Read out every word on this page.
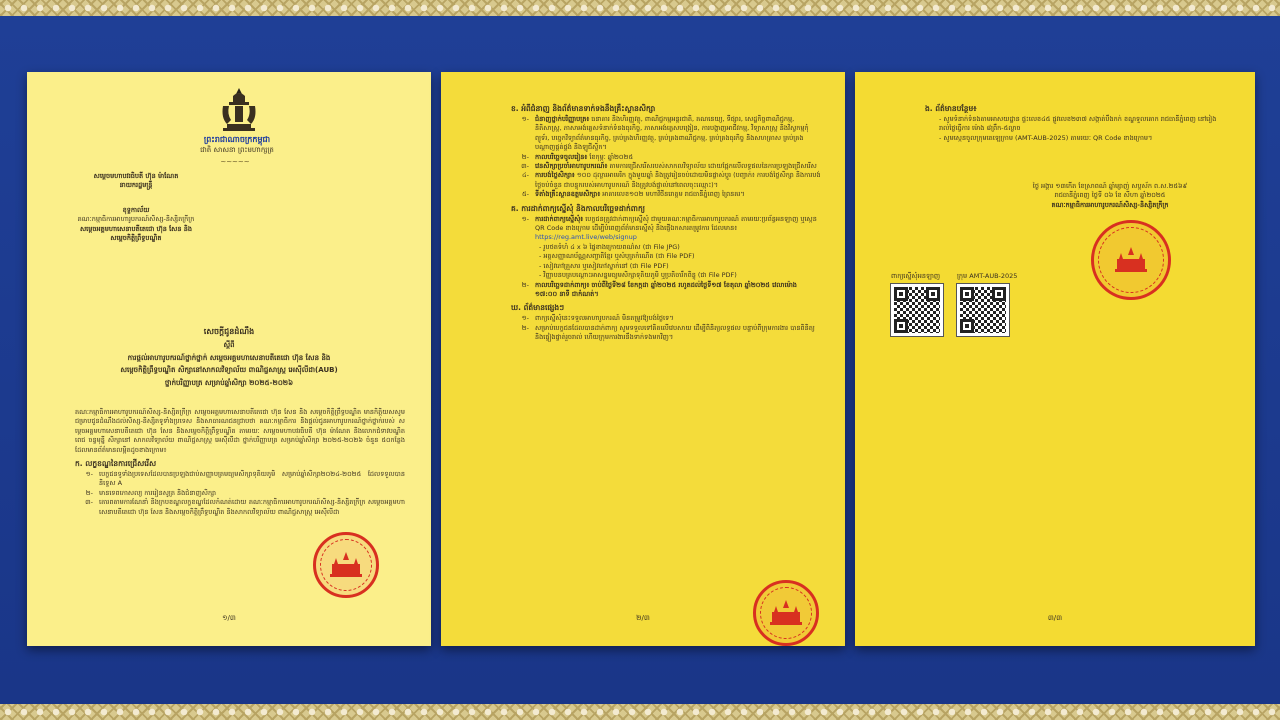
ព្រះរាជាណាចក្រកម្ពុជា
ជាតិ សាសនា ព្រះមហាក្សត្រ
~~~~~
សម្តេចមហាបវរធិបតី ហ៊ុន ម៉ាណែត
នាយករដ្ឋមន្ត្រី
ខុទ្ទកាល័យ
គណៈកម្មាធិការអាហារូបករណ៍សិស្ស-និស្សិតក្រីក្រ
សម្ដេចអគ្គមហាសេនាបតីតេជោ ហ៊ុន សែន និង
សម្ដេចកិត្តិព្រឹទ្ធបណ្ឌិត
សេចក្ដីជូនដំណឹង
ស្តីពី
ការផ្តល់អាហារូបករណ៍ថ្នាក់ថ្នាក់ សម្តេចអគ្គមហាសេនាបតីតេជោ ហ៊ុន សែន និង
សម្តេចកិត្តិព្រឹទ្ធបណ្ឌិត សិក្សានៅសាកលវិទ្យាល័យ ពាណិជ្ជសាស្ត្រ អេស៊ីលីដា(AUB)
ថ្នាក់បរិញ្ញាបត្រ សម្រាប់ឆ្នាំសិក្សា ២០២៥-២០២៦

គណៈកម្មាធិការអាហារូបករណ៍សិស្ស-និស្សិតក្រីក្រ សម្តេចអគ្គមហាសេនាបតីតេជោ ហ៊ុន សែន និង សម្តេចកិត្តិព្រឹទ្ធបណ្ឌិត មានកិត្តិយសសូមជម្រាបជូនដំណឹងដល់សិស្ស-និស្សិតទូទាំងប្រទេស និងសាធារណជនជ្រាបថា គណៈកម្មាធិការ និងផ្តល់ជូនអាហារូបករណ៍ថ្នាក់ថ្នាក់របស់ សម្តេចអគ្គមហាសេនាបតីតេជោ ហ៊ុន សែន និងសម្តេចកិត្តិព្រឹទ្ធបណ្ឌិត តាមរយៈ សម្តេចមហាបវរធិបតី ហ៊ុន ម៉ាណែត និងលោកជំទាវបណ្ឌិត ពេជ ចន្ទមុន្នី សិក្សានៅ សាកលវិទ្យាល័យ ពាណិជ្ជសាស្ត្រ អេស៊ីលីដា ថ្នាក់បរិញ្ញាបត្រ សម្រាប់ឆ្នាំសិក្សា ២០២៥-២០២៦ ចំនួន ៥០កន្លែង ដែលមានព័ត៌មានលម្អិតដូចខាងក្រោម៖

ក. លក្ខខណ្ឌនៃការជ្រើសរើស
១- បេក្ខជនទូទាំងប្រទេសដែលបានប្រឡងជាប់សញ្ញាបត្រមធ្យមសិក្សាទុតិយភូមិ សម្រាប់ឆ្នាំសិក្សា២០២៤-២០២៥ ដែលទទួលបាននិទ្ទេស A
២- មានទេពកោសល្យ ការរៀនសូត្រ និងជំនាញសិក្សា
៣- គោរពតាមការណែនាំ និងក្របខណ្ឌលក្ខខណ្ឌដែលកំណត់ដោយ គណៈកម្មាធិការអាហារូបករណ៍សិស្ស-និស្សិតក្រីក្រ សម្តេចអគ្គមហាសេនាបតីតេជោ ហ៊ុន សែន និងសម្តេចកិត្តិព្រឹទ្ធបណ្ឌិត និងសាកលវិទ្យាល័យ ពាណិជ្ជសាស្ត្រ អេស៊ីលីដា
១/៣
ខ. អំពីជំនាញ និងព័ត៌មានទាក់ទងនឹងគ្រឹះស្ថានសិក្សា
១- ជំនាញថ្នាក់បរិញ្ញាបត្រ៖ ធនាគារ និងហិរញ្ញវត្ថុ, ពាណិជ្ជកម្មអន្តរជាតិ, គណនេយ្យ, ទីផ្សារ, សេដ្ឋកិច្ចពាណិជ្ជកម្ម, និតិសាស្ត្រ, ភាសាអង់គ្លេសទំនាក់ទំនងធុរកិច្ច, ភាសាអង់គ្លេសបង្រៀន, ការបង្ហាញអាជីវកម្ម, វិទ្យាសាស្ត្រ និងវិស្វកម្មកុំព្យូទ័រ, បច្ចេកវិទ្យាព័ត៌មានធុរកិច្ច, គ្រប់គ្រងហិរញ្ញវត្ថុ, គ្រប់គ្រងពាណិជ្ជកម្ម, គ្រប់គ្រងធុរកិច្ច និងសហគ្រាស គ្រប់គ្រងបណ្តាញផ្គត់ផ្គង់ និងឡូជីស្ទិក។
២- កាលបរិច្ឆេទចូលរៀន៖ ខែកុម្ភៈ ឆ្នាំ២០២៥
៣- វេនសិក្សាប្រចាំអាហារូបករណ៍៖ តាមការជ្រើសរើសរបស់សាកលវិទ្យាល័យ ដោយផ្អែកលើលទ្ធផលនៃការប្រឡងជ្រើសរើស
៤- ការបង់ថ្លៃសិក្សា៖ ១០០ ដុល្លារអាមេរិក ក្នុងមួយឆ្នាំ និងត្រូវរៀនចប់ដោយមិនផ្លាស់ប្តូរ (បញ្ជាក់៖ ការបង់ថ្លៃសិក្សា និងការបង់ថ្លៃចប់ចំនួន ជាបន្ទុករបស់អាហារូបករណ៍ និងត្រូវបង់ផ្ទាល់នៅពេលចុះឈ្មោះ)។
៥- ទីតាំងគ្រឹះស្ថានឧត្តមសិក្សា៖ អាគារលេខ១០២ មហាវិថីនរោត្តម រាជធានីភ្នំពេញ ព្រៃនគរ។
គ. ការដាក់ពាក្យស្នើសុំ និងកាលបរិច្ឆេទដាក់ពាក្យ
១- ការដាក់ពាក្យស្នើសុំ៖ បេក្ខជនត្រូវដាក់ពាក្យស្នើសុំ ជាមួយគណៈកម្មាធិការអាហារូបករណ៍ តាមរយៈប្រព័ន្ធអនឡាញ ឬស្កេន QR Code ខាងក្រោម ដើម្បីបំពេញព័ត៌មានស្នើសុំ និងផ្ញើឯកសារតម្រូវការ ដែលមាន៖ https://reg.amt.live/web/signup
- រូបថតទំហំ ៤ x ៦ ផ្ទៃខាងក្រោយពណ៌ស (ជា File JPG)
- អត្តសញ្ញាណប័ណ្ណសញ្ជាតិខ្មែរ ឬសំបុត្រកំណើត (ជា File PDF)
- សៀវភៅគ្រួសារ ឬសៀវភៅស្នាក់នៅ (ជា File PDF)
- វិញ្ញាបនបត្របណ្តោះអាសន្នមធ្យមសិក្សាទុតិយភូមិ ឬប្រតិចារឹកពិន្ទុ (ជា File PDF)
២- កាលបរិច្ឆេទដាក់ពាក្យ៖ ចាប់ពីថ្ងៃទី២៨ ខែកក្កដា ឆ្នាំ២០២៥ រហូតដល់ថ្ងៃទី១៧ ខែតុលា ឆ្នាំ២០២៥ វេលាម៉ោង ១៧:០០ នាទី ជាកំណត់។
ឃ. ព័ត៌មានផ្សេងៗ
១- ពាក្យស្នើសុំនេះទទួលអាហារូបករណ៍ មិនតម្រូវឱ្យបង់ថ្លៃទេ។
២- សម្រាប់បេក្ខជនដែលបានដាក់ពាក្យ សូមទទួលទៅគិតលើវេបសាយ ដើម្បីពិនិត្យលទ្ធផល បន្ទាប់ពីក្រុមការងារ បានពិនិត្យ និងផ្ទៀងផ្ទាត់រួចរាល់ ហើយក្រុមការងារនឹងទាក់ទងមកវិញ។
២/៣
ង. ព័ត៌មានបន្ថែម៖
- សូមទំនាក់ទំនងតាមអាសយដ្ឋាន ផ្ទះលេខ៤៥ ផ្លូវលេខ២៣៧ សង្កាត់បឹងកក់ ខណ្ឌទួលគោក រាជធានីភ្នំពេញ នៅរៀងរាល់ថ្ងៃធ្វើការ ម៉ោង ៨ព្រឹក-៥ល្ងាច
- សូមស្កេនចូលក្រុមតេឡេក្រាម (AMT-AUB-2025) តាមរយៈ QR Code ខាងក្រោម។
ថ្ងៃ អង្គារ ១៣កើត ខែស្រាពណ៍ ឆ្នាំម្សាញ់ សប្តស័ក ព.ស.២៥៦៩
រាជធានីភ្នំពេញ ថ្ងៃទី ០៦ ខែ សីហា ឆ្នាំ២០២៥
គណៈកម្មាធិការអាហារូបករណ៍សិស្ស-និស្សិតក្រីក្រ
ពាក្យស្នើសុំអនឡាញ	ក្រុម AMT-AUB-2025
៣/៣
